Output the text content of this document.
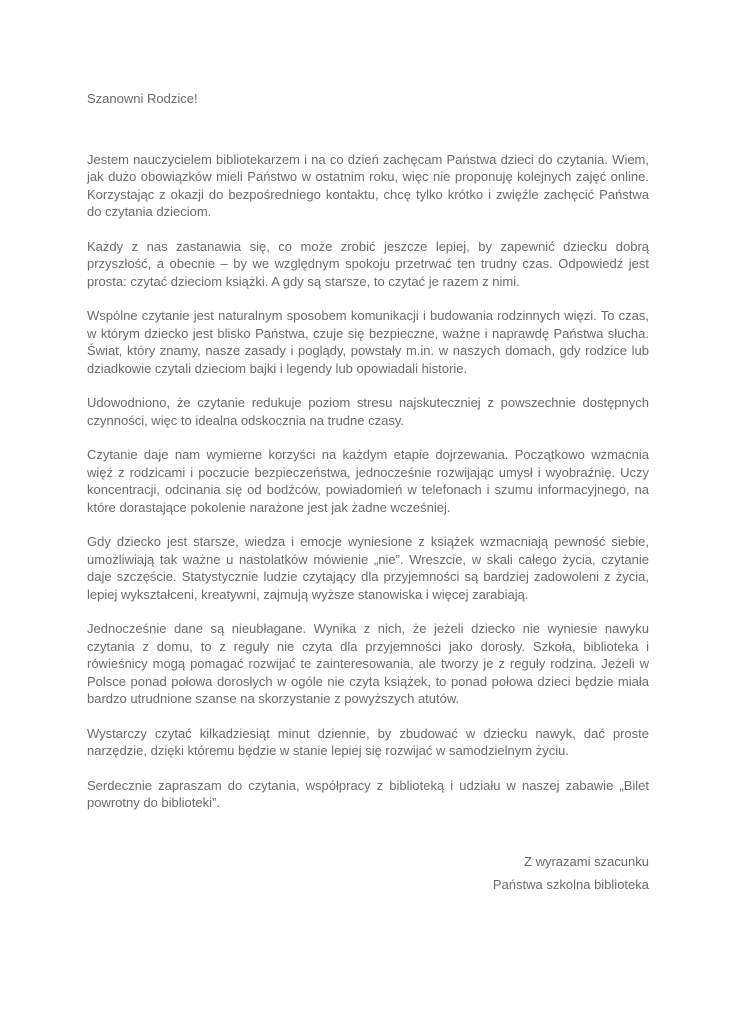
Szanowni Rodzice!

Jestem nauczycielem bibliotekarzem i na co dzień zachęcam Państwa dzieci do czytania. Wiem, jak dużo obowiązków mieli Państwo w ostatnim roku, więc nie proponuję kolejnych zajęć online. Korzystając z okazji do bezpośredniego kontaktu, chcę tylko krótko i zwięźle zachęcić Państwa do czytania dzieciom.

Każdy z nas zastanawia się, co może zrobić jeszcze lepiej, by zapewnić dziecku dobrą przyszłość, a obecnie – by we względnym spokoju przetrwać ten trudny czas. Odpowiedź jest prosta: czytać dzieciom książki. A gdy są starsze, to czytać je razem z nimi.

Wspólne czytanie jest naturalnym sposobem komunikacji i budowania rodzinnych więzi. To czas, w którym dziecko jest blisko Państwa, czuje się bezpieczne, ważne i naprawdę Państwa słucha. Świat, który znamy, nasze zasady i poglądy, powstały m.in. w naszych domach, gdy rodzice lub dziadkowie czytali dzieciom bajki i legendy lub opowiadali historie.

Udowodniono, że czytanie redukuje poziom stresu najskuteczniej z powszechnie dostępnych czynności, więc to idealna odskocznia na trudne czasy.

Czytanie daje nam wymierne korzyści na każdym etapie dojrzewania. Początkowo wzmacnia więź z rodzicami i poczucie bezpieczeństwa, jednocześnie rozwijając umysł i wyobraźnię. Uczy koncentracji, odcinania się od bodźców, powiadomień w telefonach i szumu informacyjnego, na które dorastające pokolenie narażone jest jak żadne wcześniej.

Gdy dziecko jest starsze, wiedza i emocje wyniesione z książek wzmacniają pewność siebie, umożliwiają tak ważne u nastolatków mówienie „nie”. Wreszcie, w skali całego życia, czytanie daje szczęście. Statystycznie ludzie czytający dla przyjemności są bardziej zadowoleni z życia, lepiej wykształceni, kreatywni, zajmują wyższe stanowiska i więcej zarabiają.

Jednocześnie dane są nieubłagane. Wynika z nich, że jeżeli dziecko nie wyniesie nawyku czytania z domu, to z reguły nie czyta dla przyjemności jako dorosły. Szkoła, biblioteka i rówieśnicy mogą pomagać rozwijać te zainteresowania, ale tworzy je z reguły rodzina. Jeżeli w Polsce ponad połowa dorosłych w ogóle nie czyta książek, to ponad połowa dzieci będzie miała bardzo utrudnione szanse na skorzystanie z powyższych atutów.

Wystarczy czytać kilkadziesiąt minut dziennie, by zbudować w dziecku nawyk, dać proste narzędzie, dzięki któremu będzie w stanie lepiej się rozwijać w samodzielnym życiu.

Serdecznie zapraszam do czytania, współpracy z biblioteką i udziału w naszej zabawie „Bilet powrotny do biblioteki”.

Z wyrazami szacunku
Państwa szkolna biblioteka
